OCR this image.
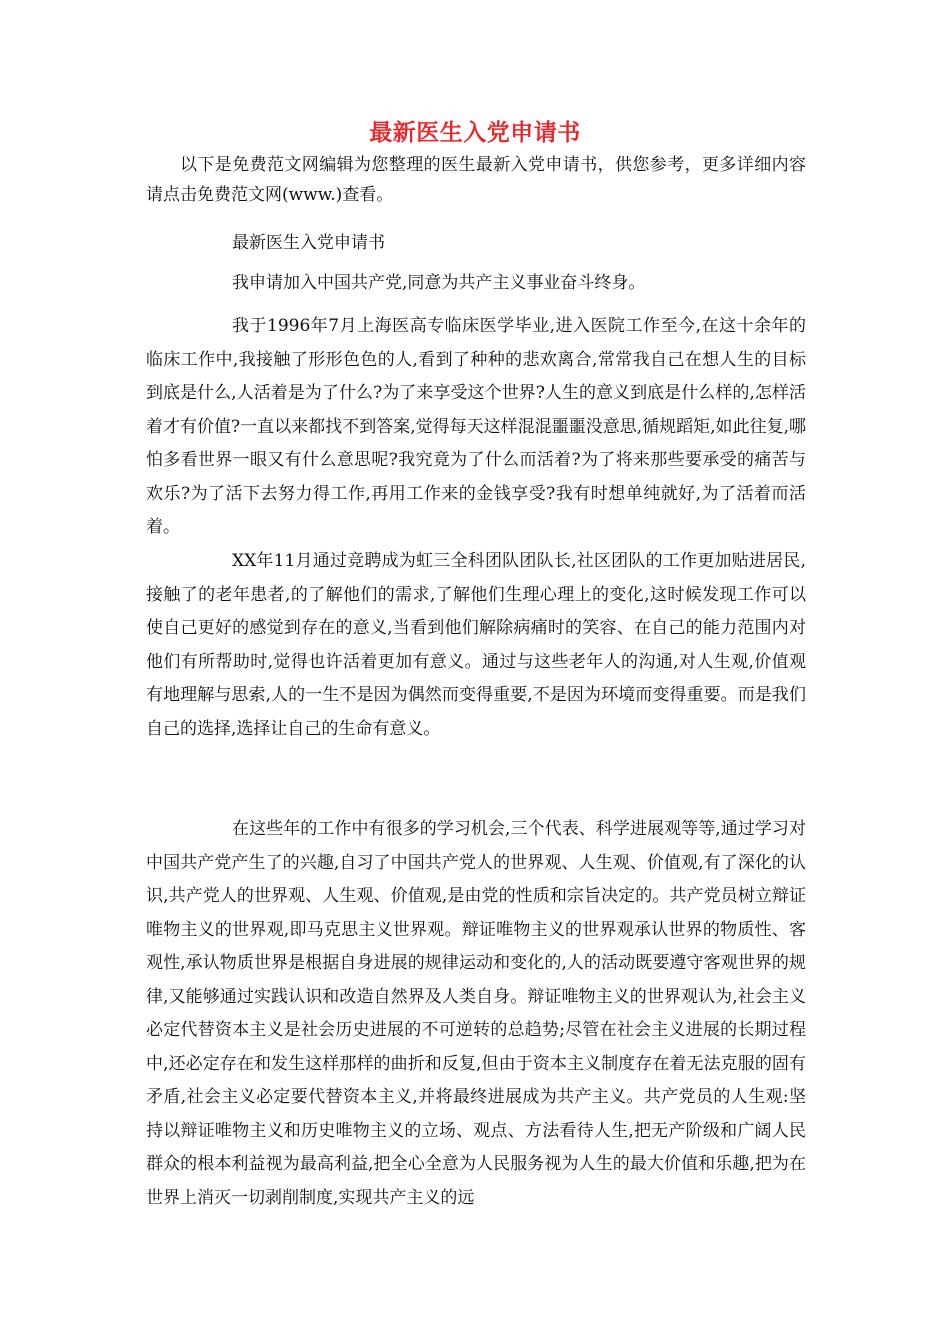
最新医生入党申请书

以下是免费范文网编辑为您整理的医生最新入党申请书，供您参考，更多详细内容请点击免费范文网(www.)查看。

最新医生入党申请书

我申请加入中国共产党,同意为共产主义事业奋斗终身。

我于1996年7月上海医高专临床医学毕业,进入医院工作至今,在这十余年的临床工作中,我接触了形形色色的人,看到了种种的悲欢离合,常常我自己在想人生的目标到底是什么,人活着是为了什么?为了来享受这个世界?人生的意义到底是什么样的,怎样活着才有价值?一直以来都找不到答案,觉得每天这样混混噩噩没意思,循规蹈矩,如此往复,哪怕多看世界一眼又有什么意思呢?我究竟为了什么而活着?为了将来那些要承受的痛苦与欢乐?为了活下去努力得工作,再用工作来的金钱享受?我有时想单纯就好,为了活着而活着。

XX年11月通过竞聘成为虹三全科团队团队长,社区团队的工作更加贴进居民,接触了的老年患者,的了解他们的需求,了解他们生理心理上的变化,这时候发现工作可以使自己更好的感觉到存在的意义,当看到他们解除病痛时的笑容、在自己的能力范围内对他们有所帮助时,觉得也许活着更加有意义。通过与这些老年人的沟通,对人生观,价值观有地理解与思索,人的一生不是因为偶然而变得重要,不是因为环境而变得重要。而是我们自己的选择,选择让自己的生命有意义。

在这些年的工作中有很多的学习机会,三个代表、科学进展观等等,通过学习对中国共产党产生了的兴趣,自习了中国共产党人的世界观、人生观、价值观,有了深化的认识,共产党人的世界观、人生观、价值观,是由党的性质和宗旨决定的。共产党员树立辩证唯物主义的世界观,即马克思主义世界观。辩证唯物主义的世界观承认世界的物质性、客观性,承认物质世界是根据自身进展的规律运动和变化的,人的活动既要遵守客观世界的规律,又能够通过实践认识和改造自然界及人类自身。辩证唯物主义的世界观认为,社会主义必定代替资本主义是社会历史进展的不可逆转的总趋势;尽管在社会主义进展的长期过程中,还必定存在和发生这样那样的曲折和反复,但由于资本主义制度存在着无法克服的固有矛盾,社会主义必定要代替资本主义,并将最终进展成为共产主义。共产党员的人生观:坚持以辩证唯物主义和历史唯物主义的立场、观点、方法看待人生,把无产阶级和广阔人民群众的根本利益视为最高利益,把全心全意为人民服务视为人生的最大价值和乐趣,把为在世界上消灭一切剥削制度,实现共产主义的远
